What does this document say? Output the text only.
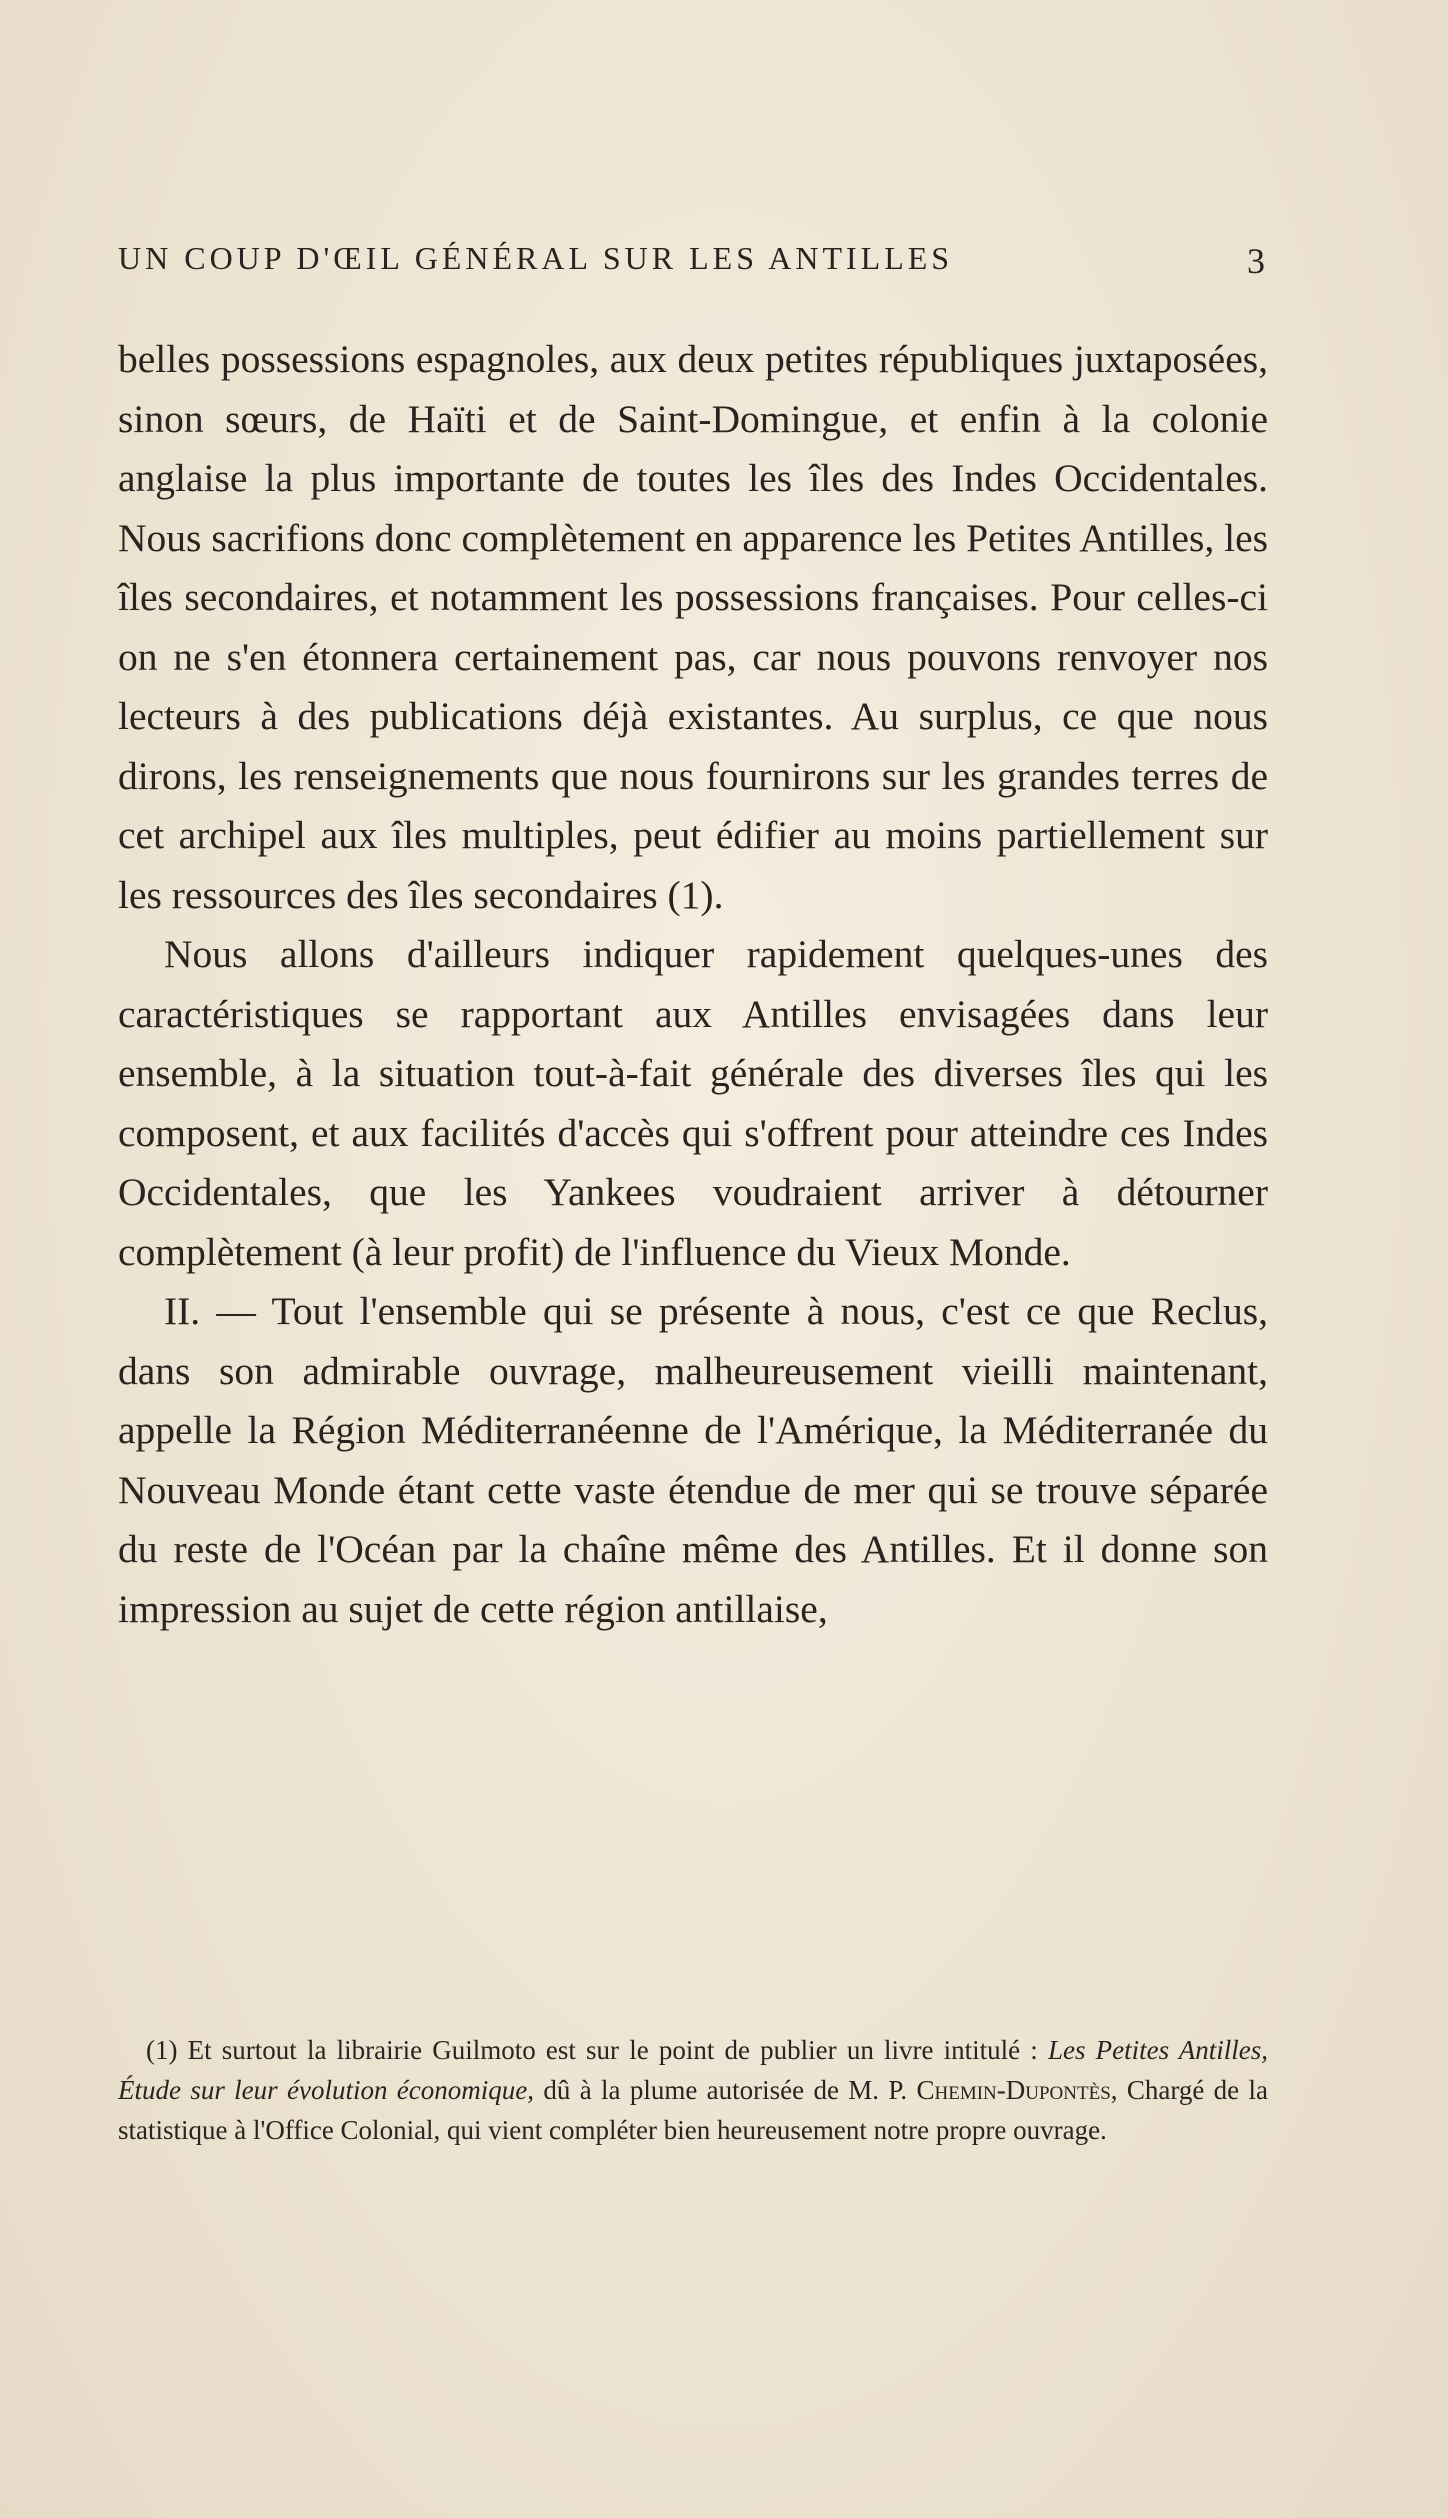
UN COUP D'ŒIL GÉNÉRAL SUR LES ANTILLES	3

belles possessions espagnoles, aux deux petites républiques juxtaposées, sinon sœurs, de Haïti et de Saint-Domingue, et enfin à la colonie anglaise la plus importante de toutes les îles des Indes Occidentales. Nous sacrifions donc complètement en apparence les Petites Antilles, les îles secondaires, et notamment les possessions françaises. Pour celles-ci on ne s'en étonnera certainement pas, car nous pouvons renvoyer nos lecteurs à des publications déjà existantes. Au surplus, ce que nous dirons, les renseignements que nous fournirons sur les grandes terres de cet archipel aux îles multiples, peut édifier au moins partiellement sur les ressources des îles secondaires (1).

Nous allons d'ailleurs indiquer rapidement quelques-unes des caractéristiques se rapportant aux Antilles envisagées dans leur ensemble, à la situation tout-à-fait générale des diverses îles qui les composent, et aux facilités d'accès qui s'offrent pour atteindre ces Indes Occidentales, que les Yankees voudraient arriver à détourner complètement (à leur profit) de l'influence du Vieux Monde.

II. — Tout l'ensemble qui se présente à nous, c'est ce que Reclus, dans son admirable ouvrage, malheureusement vieilli maintenant, appelle la Région Méditerranéenne de l'Amérique, la Méditerranée du Nouveau Monde étant cette vaste étendue de mer qui se trouve séparée du reste de l'Océan par la chaîne même des Antilles. Et il donne son impression au sujet de cette région antillaise,

(1) Et surtout la librairie Guilmoto est sur le point de publier un livre intitulé : Les Petites Antilles, Étude sur leur évolution économique, dû à la plume autorisée de M. P. Chemin-Dupontès, Chargé de la statistique à l'Office Colonial, qui vient compléter bien heureusement notre propre ouvrage.
